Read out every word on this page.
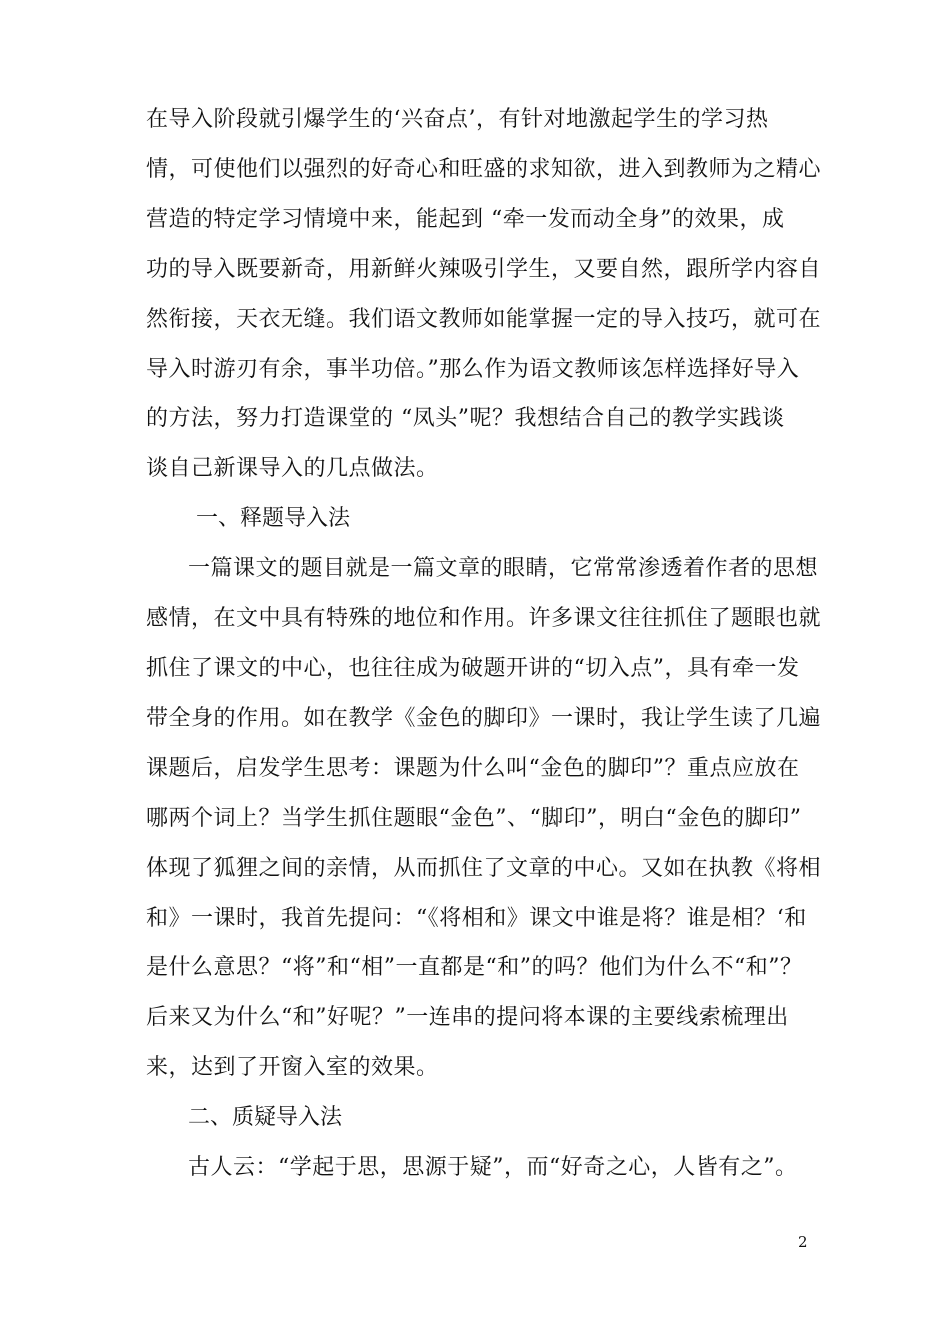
在导入阶段就引爆学生的‘兴奋点’，有针对地激起学生的学习热
情，可使他们以强烈的好奇心和旺盛的求知欲，进入到教师为之精心
营造的特定学习情境中来，能起到 “牵一发而动全身”的效果，成
功的导入既要新奇，用新鲜火辣吸引学生，又要自然，跟所学内容自
然衔接，天衣无缝。我们语文教师如能掌握一定的导入技巧，就可在
导入时游刃有余，事半功倍。”那么作为语文教师该怎样选择好导入
的方法，努力打造课堂的 “凤头”呢？我想结合自己的教学实践谈
谈自己新课导入的几点做法。
一、释题导入法
一篇课文的题目就是一篇文章的眼睛，它常常渗透着作者的思想
感情，在文中具有特殊的地位和作用。许多课文往往抓住了题眼也就
抓住了课文的中心，也往往成为破题开讲的“切入点”，具有牵一发
带全身的作用。如在教学《金色的脚印》一课时，我让学生读了几遍
课题后，启发学生思考：课题为什么叫“金色的脚印”？重点应放在
哪两个词上？当学生抓住题眼“金色”、“脚印”，明白“金色的脚印”
体现了狐狸之间的亲情，从而抓住了文章的中心。又如在执教《将相
和》一课时，我首先提问：“《将相和》课文中谁是将？谁是相？‘和
是什么意思？“将”和“相”一直都是“和”的吗？他们为什么不“和”？
后来又为什么“和”好呢？”一连串的提问将本课的主要线索梳理出
来，达到了开窗入室的效果。
二、质疑导入法
古人云：“学起于思，思源于疑”，而“好奇之心，人皆有之”。
2
